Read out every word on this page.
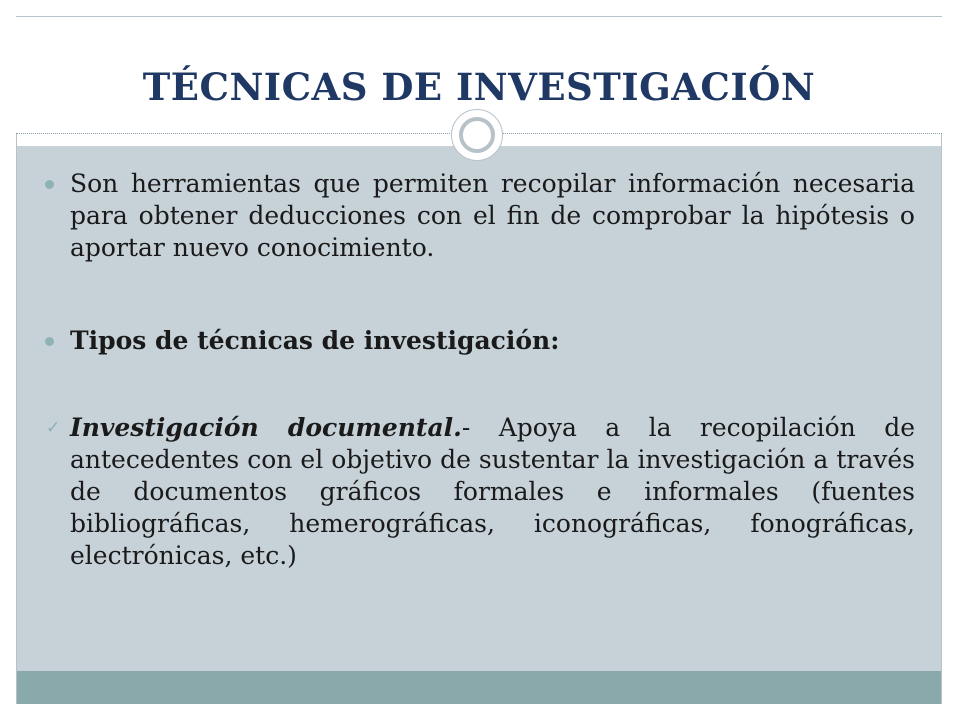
TÉCNICAS DE INVESTIGACIÓN
Son herramientas que permiten recopilar información necesaria para obtener deducciones con el fin de comprobar la hipótesis o aportar nuevo conocimiento.
Tipos de técnicas de investigación:
✓ Investigación documental.- Apoya a la recopilación de antecedentes con el objetivo de sustentar la investigación a través de documentos gráficos formales e informales (fuentes bibliográficas, hemerográficas, iconográficas, fonográficas, electrónicas, etc.)
